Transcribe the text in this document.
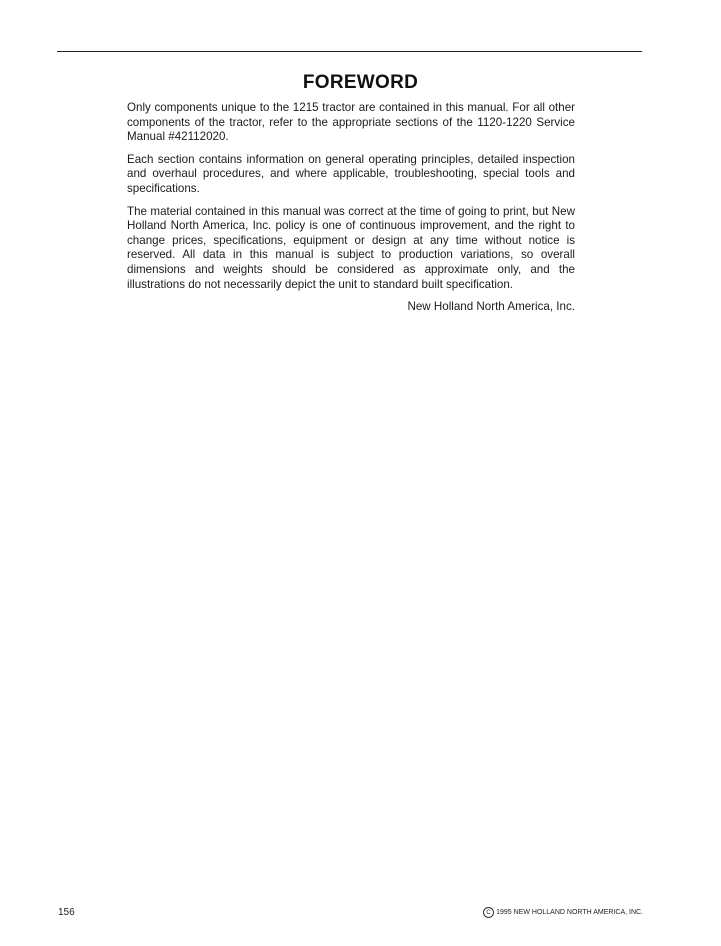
FOREWORD

Only components unique to the 1215 tractor are contained in this manual. For all other components of the tractor, refer to the appropriate sections of the 1120-1220 Service Manual #42112020.

Each section contains information on general operating principles, detailed inspection and overhaul procedures, and where applicable, troubleshooting, special tools and specifications.

The material contained in this manual was correct at the time of going to print, but New Holland North America, Inc. policy is one of continuous improvement, and the right to change prices, specifications, equipment or design at any time without notice is reserved. All data in this manual is subject to production variations, so overall dimensions and weights should be considered as approximate only, and the illustrations do not necessarily depict the unit to standard built specification.

New Holland North America, Inc.
156	C 1995 NEW HOLLAND NORTH AMERICA, INC.
